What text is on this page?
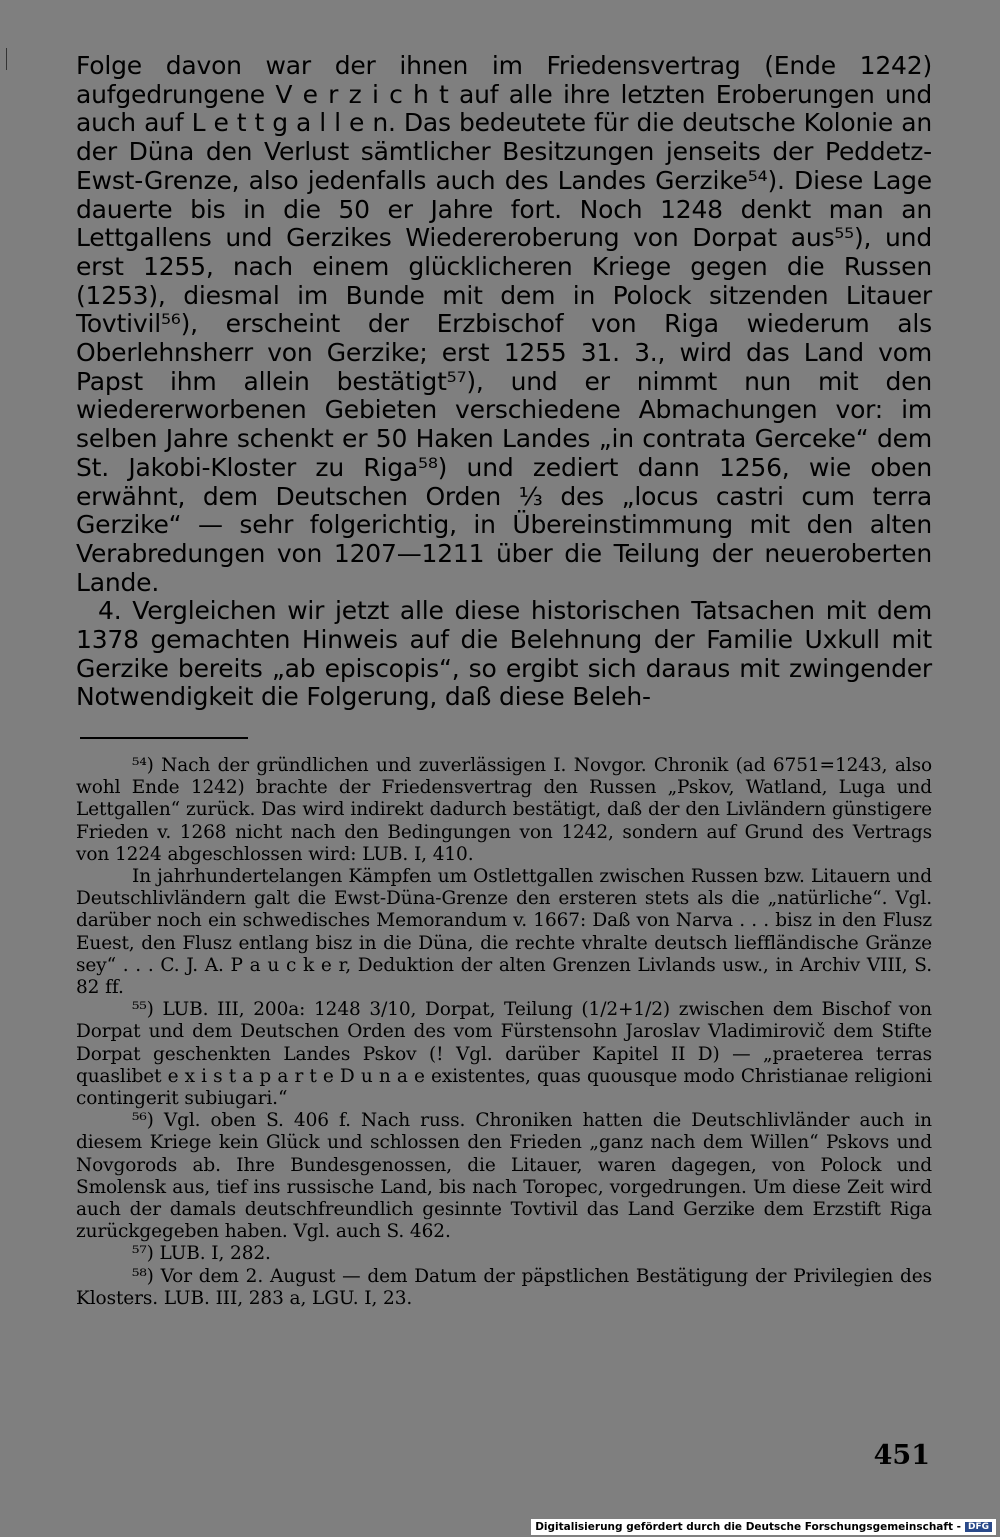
Folge davon war der ihnen im Friedensvertrag (Ende 1242) aufgedrungene V e r z i c h t auf alle ihre letzten Eroberungen und auch auf L e t t g a l l e n. Das bedeutete für die deutsche Kolonie an der Düna den Verlust sämtlicher Besitzungen jenseits der Peddetz-Ewst-Grenze, also jedenfalls auch des Landes Gerzike⁵⁴). Diese Lage dauerte bis in die 50 er Jahre fort. Noch 1248 denkt man an Lettgallens und Gerzikes Wiedereroberung von Dorpat aus⁵⁵), und erst 1255, nach einem glücklicheren Kriege gegen die Russen (1253), diesmal im Bunde mit dem in Polock sitzenden Litauer Tovtivil⁵⁶), erscheint der Erzbischof von Riga wiederum als Oberlehnsherr von Gerzike; erst 1255 31. 3., wird das Land vom Papst ihm allein bestätigt⁵⁷), und er nimmt nun mit den wiedererworbenen Gebieten verschiedene Abmachungen vor: im selben Jahre schenkt er 50 Haken Landes „in contrata Gerceke“ dem St. Jakobi-Kloster zu Riga⁵⁸) und zediert dann 1256, wie oben erwähnt, dem Deutschen Orden ⅓ des „locus castri cum terra Gerzike“ — sehr folgerichtig, in Übereinstimmung mit den alten Verabredungen von 1207—1211 über die Teilung der neueroberten Lande.

4. Vergleichen wir jetzt alle diese historischen Tatsachen mit dem 1378 gemachten Hinweis auf die Belehnung der Familie Uxkull mit Gerzike bereits „ab episcopis“, so ergibt sich daraus mit zwingender Notwendigkeit die Folgerung, daß diese Beleh-

⁵⁴) Nach der gründlichen und zuverlässigen I. Novgor. Chronik (ad 6751=1243, also wohl Ende 1242) brachte der Friedensvertrag den Russen „Pskov, Watland, Luga und Lettgallen“ zurück. Das wird indirekt dadurch bestätigt, daß der den Livländern günstigere Frieden v. 1268 nicht nach den Bedingungen von 1242, sondern auf Grund des Vertrags von 1224 abgeschlossen wird: LUB. I, 410.

In jahrhundertelangen Kämpfen um Ostlettgallen zwischen Russen bzw. Litauern und Deutschlivländern galt die Ewst-Düna-Grenze den ersteren stets als die „natürliche“. Vgl. darüber noch ein schwedisches Memorandum v. 1667: Daß von Narva . . . bisz in den Flusz Euest, den Flusz entlang bisz in die Düna, die rechte vhralte deutsch lieffländische Gränze sey“ . . . C. J. A. P a u c k e r, Deduktion der alten Grenzen Livlands usw., in Archiv VIII, S. 82 ff.

⁵⁵) LUB. III, 200a: 1248 3/10, Dorpat, Teilung (1/2+1/2) zwischen dem Bischof von Dorpat und dem Deutschen Orden des vom Fürstensohn Jaroslav Vladimirovič dem Stifte Dorpat geschenkten Landes Pskov (! Vgl. darüber Kapitel II D) — „praeterea terras quaslibet e x i s t a p a r t e D u n a e existentes, quas quousque modo Christianae religioni contingerit subiugari.“

⁵⁶) Vgl. oben S. 406 f. Nach russ. Chroniken hatten die Deutschlivländer auch in diesem Kriege kein Glück und schlossen den Frieden „ganz nach dem Willen“ Pskovs und Novgorods ab. Ihre Bundesgenossen, die Litauer, waren dagegen, von Polock und Smolensk aus, tief ins russische Land, bis nach Toropec, vorgedrungen. Um diese Zeit wird auch der damals deutschfreundlich gesinnte Tovtivil das Land Gerzike dem Erzstift Riga zurückgegeben haben. Vgl. auch S. 462.

⁵⁷) LUB. I, 282.

⁵⁸) Vor dem 2. August — dem Datum der päpstlichen Bestätigung der Privilegien des Klosters. LUB. III, 283 a, LGU. I, 23.

451
Digitalisierung gefördert durch die Deutsche Forschungsgemeinschaft - DFG
